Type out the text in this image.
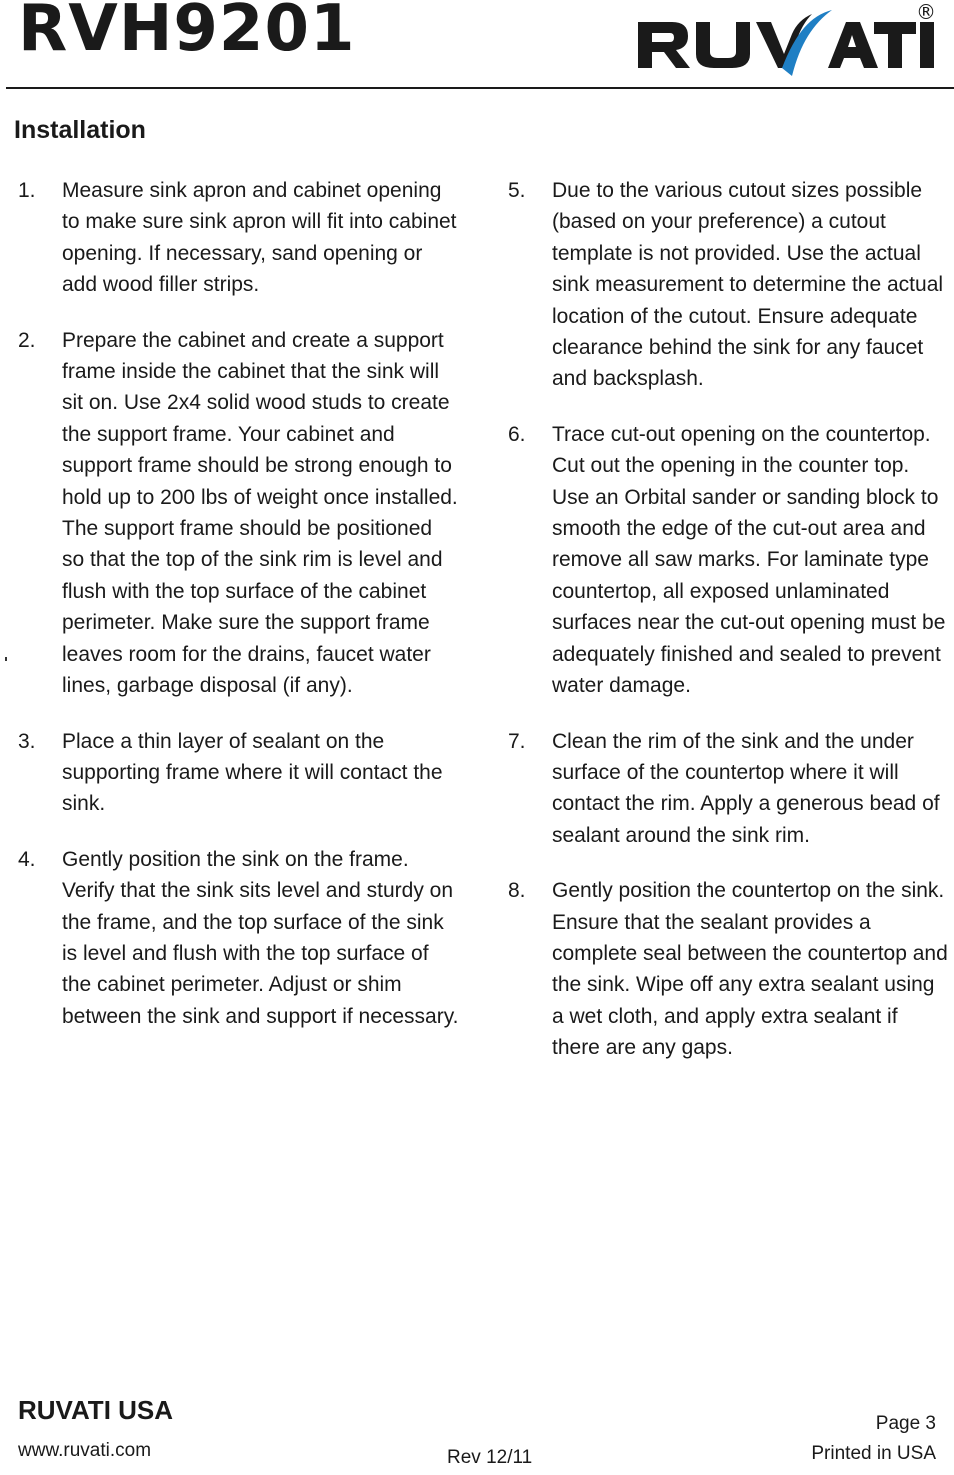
RVH9201	®
Installation
1. Measure sink apron and cabinet opening to make sure sink apron will fit into cabinet opening. If necessary, sand opening or add wood filler strips.
2. Prepare the cabinet and create a support frame inside the cabinet that the sink will sit on. Use 2x4 solid wood studs to create the support frame. Your cabinet and support frame should be strong enough to hold up to 200 lbs of weight once installed. The support frame should be positioned so that the top of the sink rim is level and flush with the top surface of the cabinet perimeter. Make sure the support frame leaves room for the drains, faucet water lines, garbage disposal (if any).
3. Place a thin layer of sealant on the supporting frame where it will contact the sink.
4. Gently position the sink on the frame. Verify that the sink sits level and sturdy on the frame, and the top surface of the sink is level and flush with the top surface of the cabinet perimeter. Adjust or shim between the sink and support if necessary.
5. Due to the various cutout sizes possible (based on your preference) a cutout template is not provided. Use the actual sink measurement to determine the actual location of the cutout. Ensure adequate clearance behind the sink for any faucet and backsplash.
6. Trace cut-out opening on the countertop. Cut out the opening in the counter top. Use an Orbital sander or sanding block to smooth the edge of the cut-out area and remove all saw marks. For laminate type countertop, all exposed unlaminated surfaces near the cut-out opening must be adequately finished and sealed to prevent water damage.
7. Clean the rim of the sink and the under surface of the countertop where it will contact the rim. Apply a generous bead of sealant around the sink rim.
8. Gently position the countertop on the sink. Ensure that the sealant provides a complete seal between the countertop and the sink. Wipe off any extra sealant using a wet cloth, and apply extra sealant if there are any gaps.
RUVATI USA
www.ruvati.com	Rev 12/11
Page 3
Printed in USA
